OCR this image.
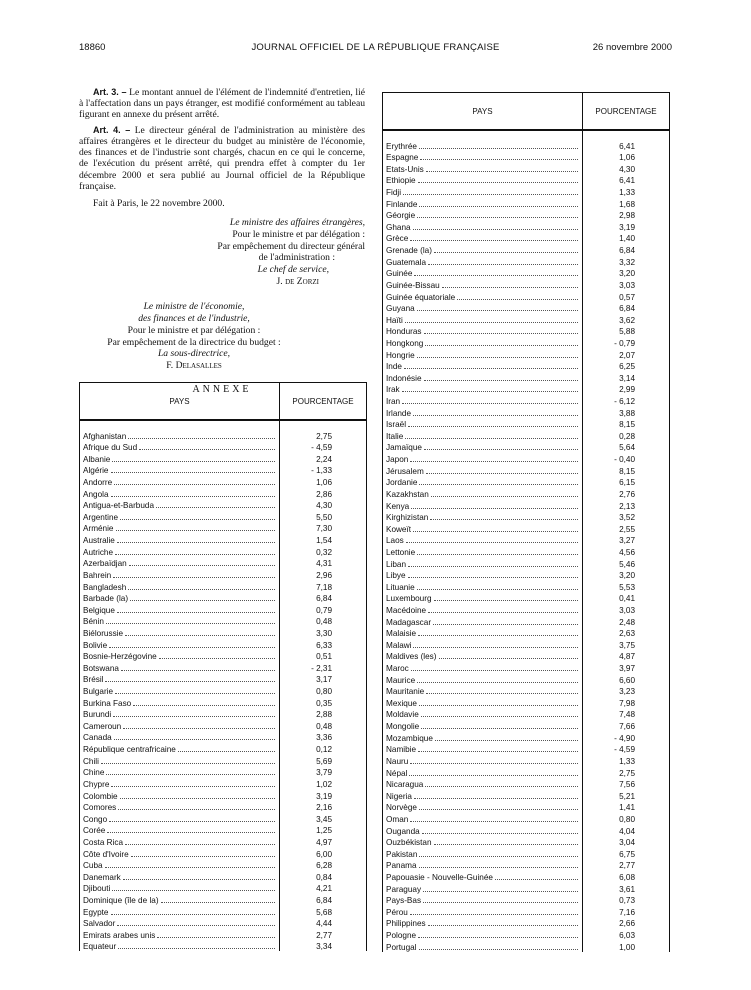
18860	JOURNAL OFFICIEL DE LA RÉPUBLIQUE FRANÇAISE	26 novembre 2000

Art. 3. – Le montant annuel de l'élément de l'indemnité d'entretien, lié à l'affectation dans un pays étranger, est modifié conformément au tableau figurant en annexe du présent arrêté.

Art. 4. – Le directeur général de l'administration au ministère des affaires étrangères et le directeur du budget au ministère de l'économie, des finances et de l'industrie sont chargés, chacun en ce qui le concerne, de l'exécution du présent arrêté, qui prendra effet à compter du 1er décembre 2000 et sera publié au Journal officiel de la République française.

Fait à Paris, le 22 novembre 2000.
Le ministre des affaires étrangères,
Pour le ministre et par délégation :
Par empêchement du directeur général
de l'administration :
Le chef de service,
J. de Zorzi
Le ministre de l'économie,
des finances et de l'industrie,
Pour le ministre et par délégation :
Par empêchement de la directrice du budget :
La sous-directrice,
F. Delasalles
ANNEXE
PAYS	POURCENTAGE

Afghanistan	2,75

Afrique du Sud	- 4,59

Albanie	2,24

Algérie	- 1,33

Andorre	1,06

Angola	2,86

Antigua-et-Barbuda	4,30

Argentine	5,50

Arménie	7,30

Australie	1,54

Autriche	0,32

Azerbaïdjan	4,31

Bahrein	2,96

Bangladesh	7,18

Barbade (la)	6,84

Belgique	0,79

Bénin	0,48

Biélorussie	3,30

Bolivie	6,33

Bosnie-Herzégovine	0,51

Botswana	- 2,31

Brésil	3,17

Bulgarie	0,80

Burkina Faso	0,35

Burundi	2,88

Cameroun	0,48

Canada	3,36

République centrafricaine	0,12

Chili	5,69

Chine	3,79

Chypre	1,02

Colombie	3,19

Comores	2,16

Congo	3,45

Corée	1,25

Costa Rica	4,97

Côte d'Ivoire	6,00

Cuba	6,28

Danemark	0,84

Djibouti	4,21

Dominique (île de la)	6,84

Egypte	5,68

Salvador	4,44

Emirats arabes unis	2,77

Equateur	3,34
PAYS	POURCENTAGE

Erythrée	6,41

Espagne	1,06

Etats-Unis	4,30

Ethiopie	6,41

Fidji	1,33

Finlande	1,68

Géorgie	2,98

Ghana	3,19

Grèce	1,40

Grenade (la)	6,84

Guatemala	3,32

Guinée	3,20

Guinée-Bissau	3,03

Guinée équatoriale	0,57

Guyana	6,84

Haïti	3,62

Honduras	5,88

Hongkong	- 0,79

Hongrie	2,07

Inde	6,25

Indonésie	3,14

Irak	2,99

Iran	- 6,12

Irlande	3,88

Israël	8,15

Italie	0,28

Jamaïque	5,64

Japon	- 0,40

Jérusalem	8,15

Jordanie	6,15

Kazakhstan	2,76

Kenya	2,13

Kirghizistan	3,52

Koweït	2,55

Laos	3,27

Lettonie	4,56

Liban	5,46

Libye	3,20

Lituanie	5,53

Luxembourg	0,41

Macédoine	3,03

Madagascar	2,48

Malaisie	2,63

Malawi	3,75

Maldives (les)	4,87

Maroc	3,97

Maurice	6,60

Mauritanie	3,23

Mexique	7,98

Moldavie	7,48

Mongolie	7,66

Mozambique	- 4,90

Namibie	- 4,59

Nauru	1,33

Népal	2,75

Nicaragua	7,56

Nigeria	5,21

Norvège	1,41

Oman	0,80

Ouganda	4,04

Ouzbékistan	3,04

Pakistan	6,75

Panama	2,77

Papouasie - Nouvelle-Guinée	6,08

Paraguay	3,61

Pays-Bas	0,73

Pérou	7,16

Philippines	2,66

Pologne	6,03

Portugal	1,00
